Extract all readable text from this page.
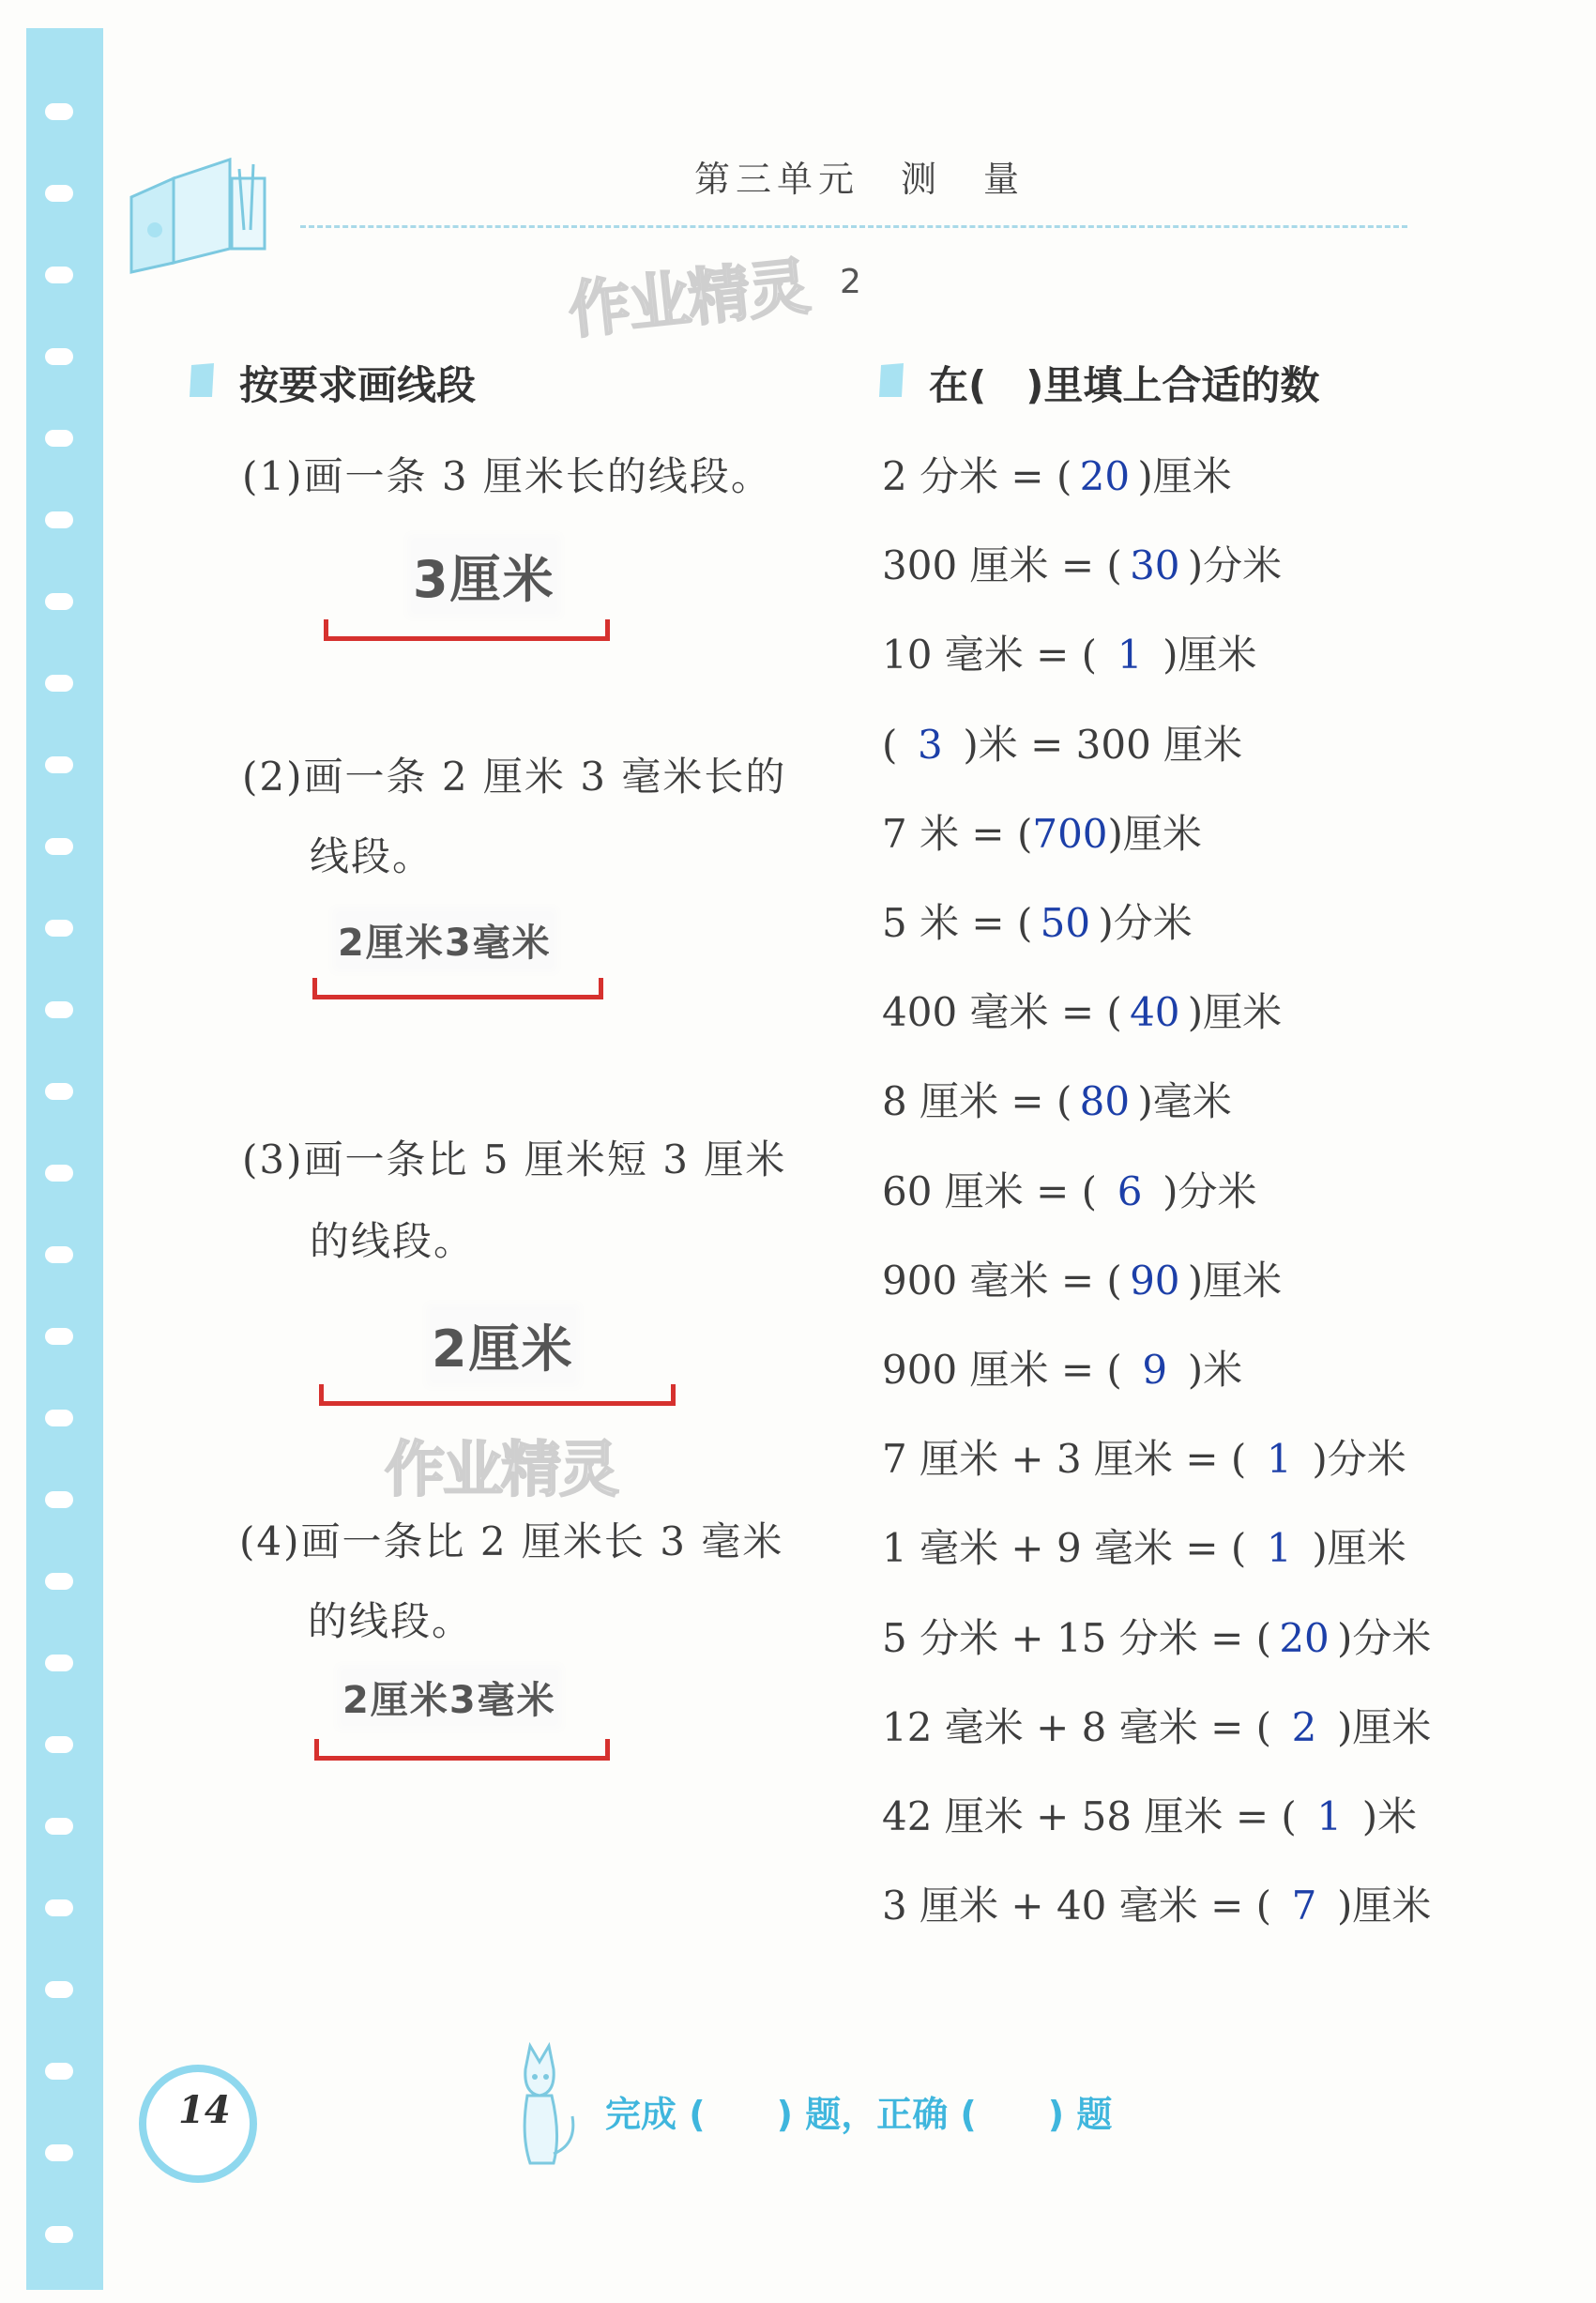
第三单元　测　量
作业精灵 2
作业精灵
按要求画线段
(1)画一条 3 厘米长的线段。
3厘米
(2)画一条 2 厘米 3 毫米长的
线段。
2厘米3毫米
(3)画一条比 5 厘米短 3 厘米
的线段。
2厘米
(4)画一条比 2 厘米长 3 毫米
的线段。
2厘米3毫米
在(　)里填上合适的数
2 分米 = ( 20 )厘米
300 厘米 = ( 30 )分米
10 毫米 = ( 1 )厘米
( 3 )米 = 300 厘米
7 米 = (700)厘米
5 米 = ( 50 )分米
400 毫米 = ( 40 )厘米
8 厘米 = ( 80 )毫米
60 厘米 = ( 6 )分米
900 毫米 = ( 90 )厘米
900 厘米 = ( 9 )米
7 厘米 + 3 厘米 = ( 1 )分米
1 毫米 + 9 毫米 = ( 1 )厘米
5 分米 + 15 分米 = ( 20 )分米
12 毫米 + 8 毫米 = ( 2 )厘米
42 厘米 + 58 厘米 = ( 1 )米
3 厘米 + 40 毫米 = ( 7 )厘米
14	完成 (　　) 题，正确 (　　) 题
